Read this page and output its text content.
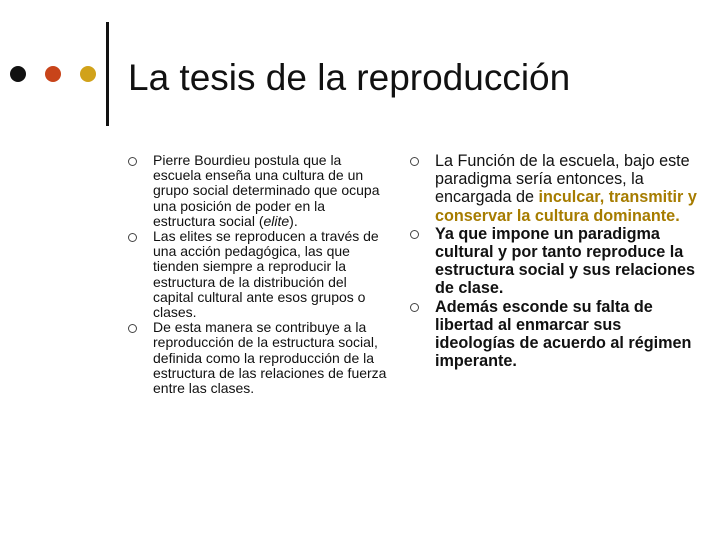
La tesis de la reproducción
Pierre Bourdieu postula que la escuela enseña una cultura de un grupo social determinado que ocupa una posición de poder en la estructura social (elite).
Las elites se reproducen a través de una acción pedagógica, las que tienden siempre a reproducir la estructura de la distribución del capital cultural ante esos grupos o clases.
De esta manera se contribuye a la reproducción de la estructura social, definida como la reproducción de la estructura de las relaciones de fuerza entre las clases.
La Función de la escuela, bajo este paradigma sería entonces, la encargada de inculcar, transmitir y conservar la cultura dominante.
Ya que impone un paradigma cultural y por tanto reproduce la estructura social y sus relaciones de clase.
Además esconde su falta de libertad al enmarcar sus ideologías de acuerdo al régimen imperante.
